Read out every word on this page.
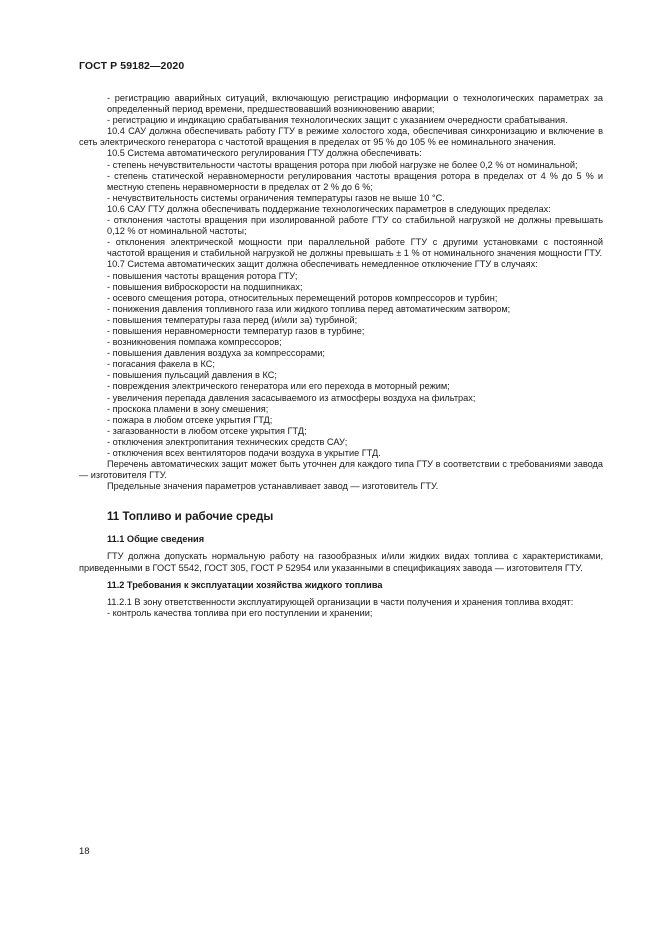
ГОСТ Р 59182—2020

- регистрацию аварийных ситуаций, включающую регистрацию информации о технологических параметрах за определенный период времени, предшествовавший возникновению аварии;

- регистрацию и индикацию срабатывания технологических защит с указанием очередности срабатывания.

10.4 САУ должна обеспечивать работу ГТУ в режиме холостого хода, обеспечивая синхронизацию и включение в сеть электрического генератора с частотой вращения в пределах от 95 % до 105 % ее номинального значения.

10.5 Система автоматического регулирования ГТУ должна обеспечивать:

- степень нечувствительности частоты вращения ротора при любой нагрузке не более 0,2 % от номинальной;

- степень статической неравномерности регулирования частоты вращения ротора в пределах от 4 % до 5 % и местную степень неравномерности в пределах от 2 % до 6 %;

- нечувствительность системы ограничения температуры газов не выше 10 °С.

10.6 САУ ГТУ должна обеспечивать поддержание технологических параметров в следующих пределах:

- отклонения частоты вращения при изолированной работе ГТУ со стабильной нагрузкой не должны превышать 0,12 % от номинальной частоты;

- отклонения электрической мощности при параллельной работе ГТУ с другими установками с постоянной частотой вращения и стабильной нагрузкой не должны превышать ± 1 % от номинального значения мощности ГТУ.

10.7 Система автоматических защит должна обеспечивать немедленное отключение ГТУ в случаях:

- повышения частоты вращения ротора ГТУ;

- повышения виброскорости на подшипниках;

- осевого смещения ротора, относительных перемещений роторов компрессоров и турбин;

- понижения давления топливного газа или жидкого топлива перед автоматическим затвором;

- повышения температуры газа перед (и/или за) турбиной;

- повышения неравномерности температур газов в турбине;

- возникновения помпажа компрессоров;

- повышения давления воздуха за компрессорами;

- погасания факела в КС;

- повышения пульсаций давления в КС;

- повреждения электрического генератора или его перехода в моторный режим;

- увеличения перепада давления засасываемого из атмосферы воздуха на фильтрах;

- проскока пламени в зону смешения;

- пожара в любом отсеке укрытия ГТД;

- загазованности в любом отсеке укрытия ГТД;

- отключения электропитания технических средств САУ;

- отключения всех вентиляторов подачи воздуха в укрытие ГТД.

Перечень автоматических защит может быть уточнен для каждого типа ГТУ в соответствии с требованиями завода — изготовителя ГТУ.

Предельные значения параметров устанавливает завод — изготовитель ГТУ.

11 Топливо и рабочие среды

11.1 Общие сведения

ГТУ должна допускать нормальную работу на газообразных и/или жидких видах топлива с характеристиками, приведенными в ГОСТ 5542, ГОСТ 305, ГОСТ Р 52954 или указанными в спецификациях завода — изготовителя ГТУ.

11.2 Требования к эксплуатации хозяйства жидкого топлива

11.2.1 В зону ответственности эксплуатирующей организации в части получения и хранения топлива входят:

- контроль качества топлива при его поступлении и хранении;

18
